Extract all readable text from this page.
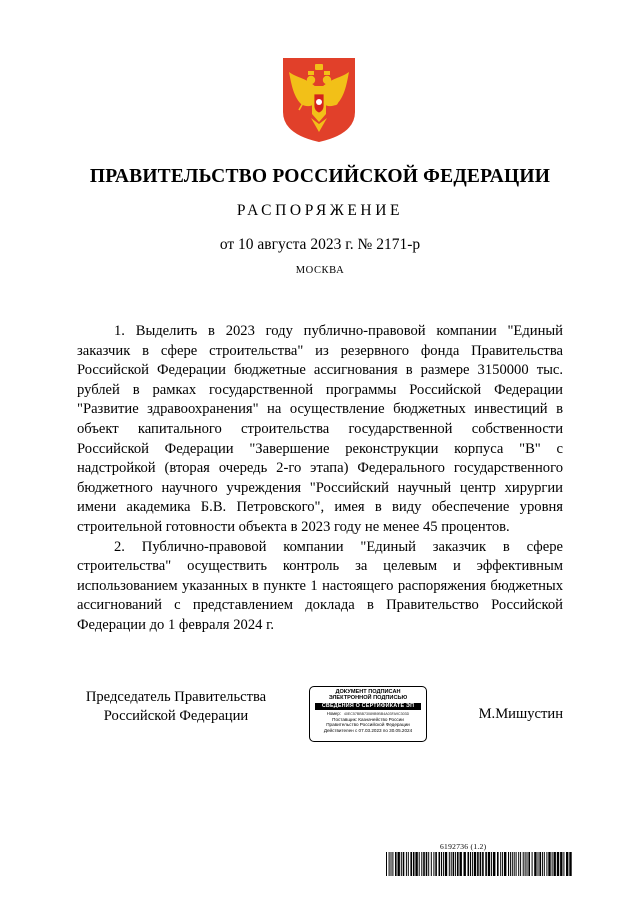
ПРАВИТЕЛЬСТВО РОССИЙСКОЙ ФЕДЕРАЦИИ
РАСПОРЯЖЕНИЕ
от 10 августа 2023 г. № 2171-р
МОСКВА

1. Выделить в 2023 году публично-правовой компании "Единый заказчик в сфере строительства" из резервного фонда Правительства Российской Федерации бюджетные ассигнования в размере 3150000 тыс. рублей в рамках государственной программы Российской Федерации "Развитие здравоохранения" на осуществление бюджетных инвестиций в объект капитального строительства государственной собственности Российской Федерации "Завершение реконструкции корпуса "В" с надстройкой (вторая очередь 2-го этапа) Федерального государственного бюджетного научного учреждения "Российский научный центр хирургии имени академика Б.В. Петровского", имея в виду обеспечение уровня строительной готовности объекта в 2023 году не менее 45 процентов.

2. Публично-правовой компании "Единый заказчик в сфере строительства" осуществить контроль за целевым и эффективным использованием указанных в пункте 1 настоящего распоряжения бюджетных ассигнований с представлением доклада в Правительство Российской Федерации до 1 февраля 2024 г.

Председатель Правительства
Российской Федерации
ДОКУМЕНТ ПОДПИСАН
ЭЛЕКТРОННОЙ ПОДПИСЬЮ
СВЕДЕНИЯ О СЕРТИФИКАТЕ ЭП
Номер: 40EC57BBB73089B9BB4A03FA9C303D
Поставщик: Казначейство России
Правительство Российской Федерации
Действителен с 07.03.2023 по 30.05.2024
М.Мишустин
6192736 (1.2)
